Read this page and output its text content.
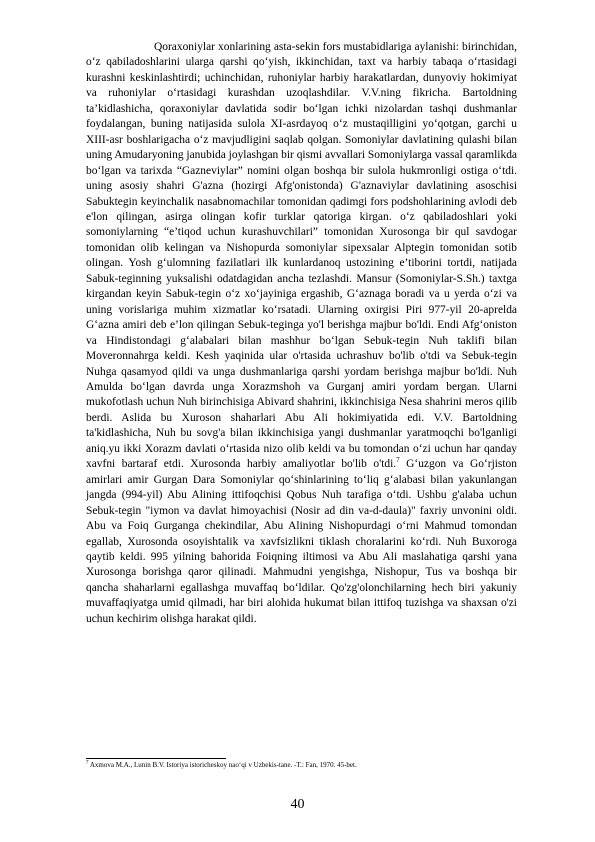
Qoraxoniylar xonlarining asta-sekin fors mustabidlariga aylanishi: birinchidan, o‘z qabiladoshlarini ularga qarshi qo‘yish, ikkinchidan, taxt va harbiy tabaqa o‘rtasidagi kurashni keskinlashtirdi; uchinchidan, ruhoniylar harbiy harakatlardan, dunyoviy hokimiyat va ruhoniylar o‘rtasidagi kurashdan uzoqlashdilar. V.V.ning fikricha. Bartoldning ta’kidlashicha, qoraxoniylar davlatida sodir bo‘lgan ichki nizolardan tashqi dushmanlar foydalangan, buning natijasida sulola XI-asrdayoq o‘z mustaqilligini yo‘qotgan, garchi u XIII-asr boshlarigacha o‘z mavjudligini saqlab qolgan. Somoniylar davlatining qulashi bilan uning Amudaryoning janubida joylashgan bir qismi avvallari Somoniylarga vassal qaramlikda bo‘lgan va tarixda “Gazneviylar” nomini olgan boshqa bir sulola hukmronligi ostiga o‘tdi. uning asosiy shahri G'azna (hozirgi Afg'onistonda) G'aznaviylar davlatining asoschisi Sabuktegin keyinchalik nasabnomachilar tomonidan qadimgi fors podshohlarining avlodi deb e'lon qilingan, asirga olingan kofir turklar qatoriga kirgan. o‘z qabiladoshlari yoki somoniylarning “e’tiqod uchun kurashuvchilari” tomonidan Xurosonga bir qul savdogar tomonidan olib kelingan va Nishopurda somoniylar sipexsalar Alptegin tomonidan sotib olingan. Yosh g‘ulomning fazilatlari ilk kunlardanoq ustozining e’tiborini tortdi, natijada Sabuk-teginning yuksalishi odatdagidan ancha tezlashdi. Mansur (Somoniylar-S.Sh.) taxtga kirgandan keyin Sabuk-tegin o‘z xo‘jayiniga ergashib, G‘aznaga boradi va u yerda o‘zi va uning vorislariga muhim xizmatlar ko‘rsatadi. Ularning oxirgisi Piri 977-yil 20-aprelda G‘azna amiri deb e’lon qilingan Sebuk-teginga yo'l berishga majbur bo'ldi. Endi Afg‘oniston va Hindistondagi g‘alabalari bilan mashhur bo‘lgan Sebuk-tegin Nuh taklifi bilan Moveronnahrga keldi. Kesh yaqinida ular o'rtasida uchrashuv bo'lib o'tdi va Sebuk-tegin Nuhga qasamyod qildi va unga dushmanlariga qarshi yordam berishga majbur bo'ldi. Nuh Amulda bo‘lgan davrda unga Xorazmshoh va Gurganj amiri yordam bergan. Ularni mukofotlash uchun Nuh birinchisiga Abivard shahrini, ikkinchisiga Nesa shahrini meros qilib berdi. Aslida bu Xuroson shaharlari Abu Ali hokimiyatida edi. V.V. Bartoldning ta'kidlashicha, Nuh bu sovg'a bilan ikkinchisiga yangi dushmanlar yaratmoqchi bo'lganligi aniq.yu ikki Xorazm davlati o‘rtasida nizo olib keldi va bu tomondan o‘zi uchun har qanday xavfni bartaraf etdi. Xurosonda harbiy amaliyotlar bo'lib o'tdi.$^7$ G‘uzgon va Go‘rjiston amirlari amir Gurgan Dara Somoniylar qo‘shinlarining to‘liq g‘alabasi bilan yakunlangan jangda (994-yil) Abu Alining ittifoqchisi Qobus Nuh tarafiga o‘tdi. Ushbu g'alaba uchun Sebuk-tegin "iymon va davlat himoyachisi (Nosir ad din va-d-daula)" faxriy unvonini oldi. Abu va Foiq Gurganga chekindilar, Abu Alining Nishopurdagi o‘rni Mahmud tomondan egallab, Xurosonda osoyishtalik va xavfsizlikni tiklash choralarini ko‘rdi. Nuh Buxoroga qaytib keldi. 995 yilning bahorida Foiqning iltimosi va Abu Ali maslahatiga qarshi yana Xurosonga borishga qaror qilinadi. Mahmudni yengishga, Nishopur, Tus va boshqa bir qancha shaharlarni egallashga muvaffaq bo‘ldilar. Qo'zg'olonchilarning hech biri yakuniy muvaffaqiyatga umid qilmadi, har biri alohida hukumat bilan ittifoq tuzishga va shaxsan o'zi uchun kechirim olishga harakat qildi.

$^7$ Axmova M.A., Lunin B.V. Istoriya istoricheskoy nao‘qi v Uzbekis-tane. -T.: Fan, 1970. 45-bet.

40
